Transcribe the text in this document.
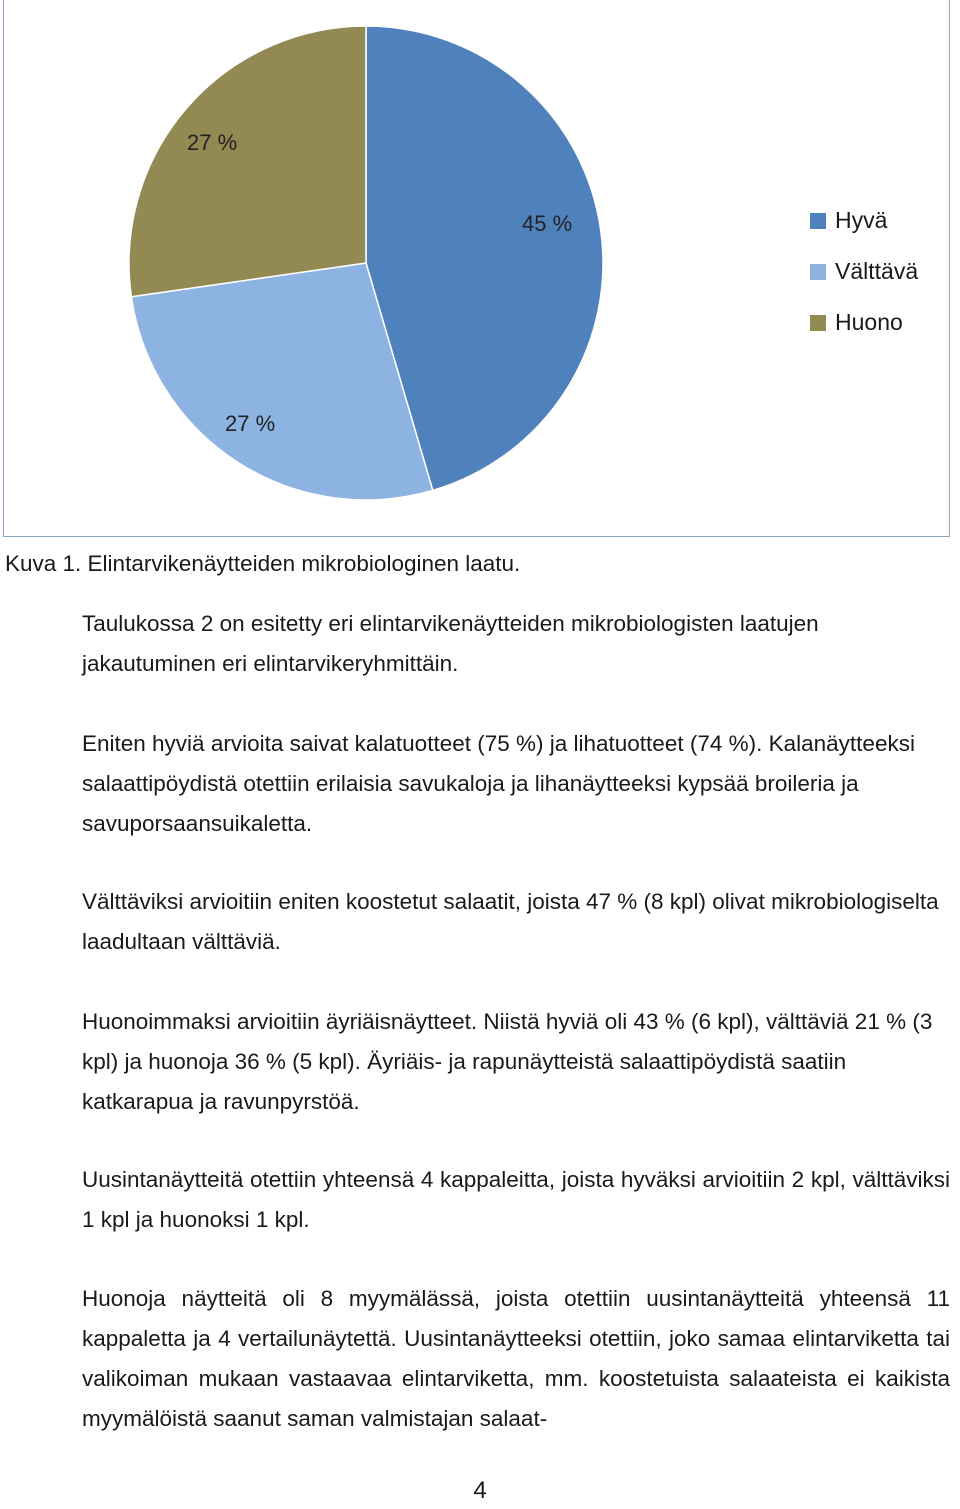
45 %
27 %
27 %
Hyvä
Välttävä
Huono
Kuva 1. Elintarvikenäytteiden mikrobiologinen laatu.

Taulukossa 2 on esitetty eri elintarvikenäytteiden mikrobiologisten laatujen jakautuminen eri elintarvikeryhmittäin.

Eniten hyviä arvioita saivat kalatuotteet (75 %) ja lihatuotteet (74 %). Kalanäytteeksi salaattipöydistä otettiin erilaisia savukaloja ja lihanäytteeksi kypsää broileria ja savuporsaansuikaletta.

Välttäviksi arvioitiin eniten koostetut salaatit, joista 47 % (8 kpl) olivat mikrobiologiselta laadultaan välttäviä.

Huonoimmaksi arvioitiin äyriäisnäytteet. Niistä hyviä oli 43 % (6 kpl), välttäviä 21 % (3 kpl) ja huonoja 36 % (5 kpl). Äyriäis- ja rapunäytteistä salaattipöydistä saatiin katkarapua ja ravunpyrstöä.

Uusintanäytteitä otettiin yhteensä 4 kappaleitta, joista hyväksi arvioitiin 2 kpl, välttäviksi 1 kpl ja huonoksi 1 kpl.

Huonoja näytteitä oli 8 myymälässä, joista otettiin uusintanäytteitä yhteensä 11 kappaletta ja 4 vertailunäytettä. Uusintanäytteeksi otettiin, joko samaa elintarviketta tai valikoiman mukaan vastaavaa elintarviketta, mm. koostetuista salaateista ei kaikista myymälöistä saanut saman valmistajan salaat-

4
